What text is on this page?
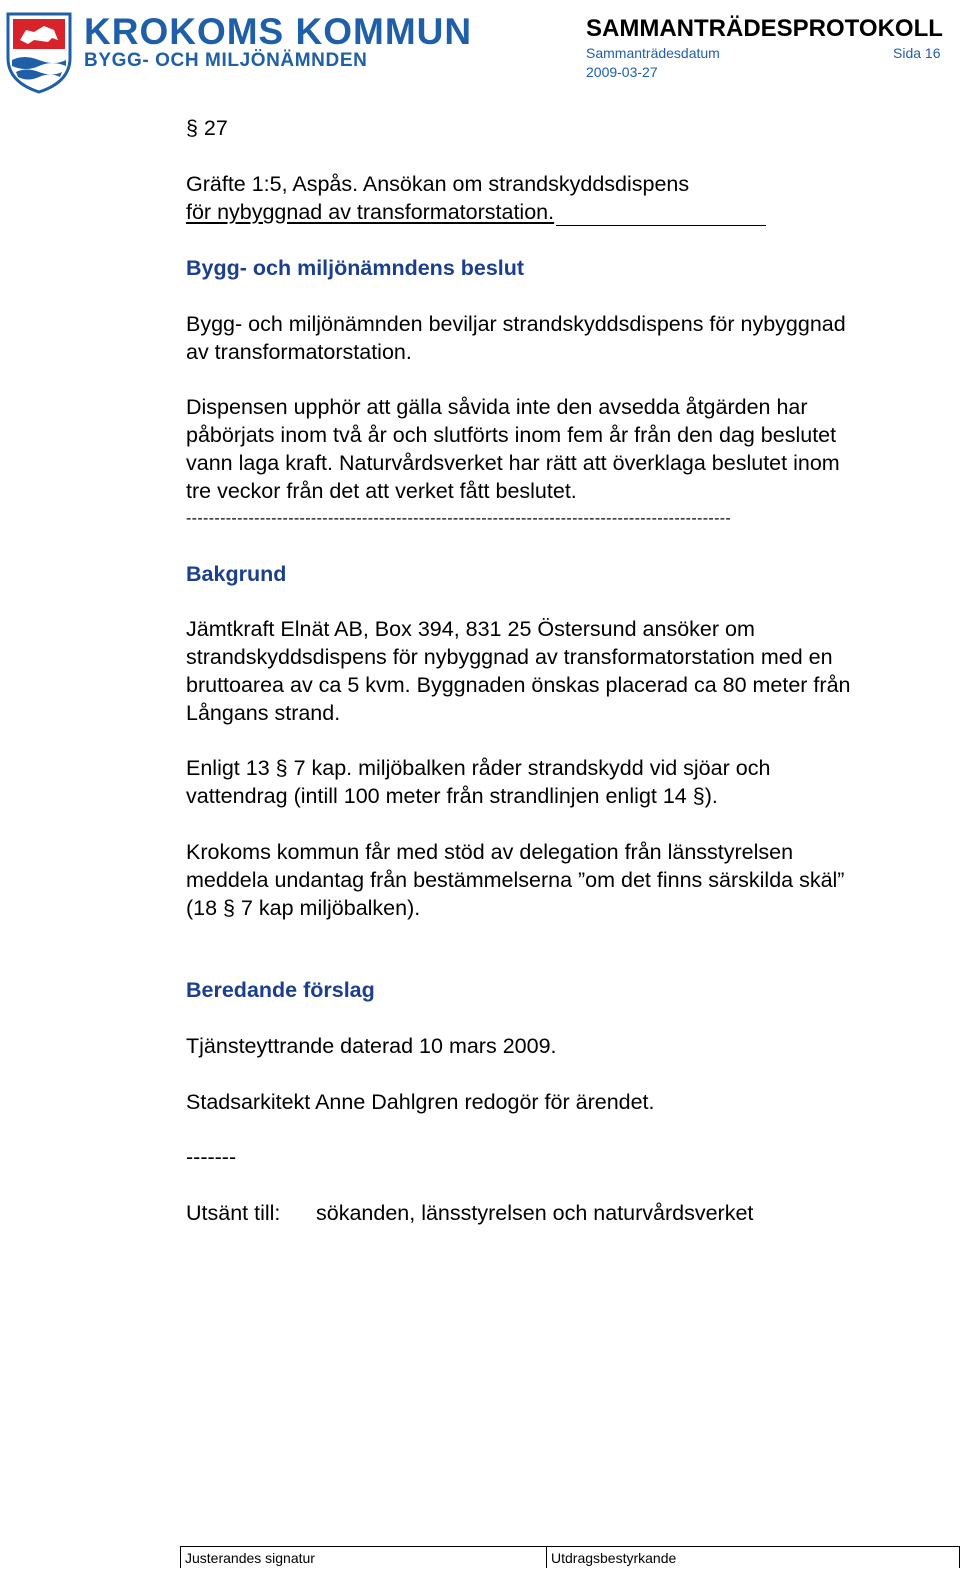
KROKOMS KOMMUN
BYGG- OCH MILJÖNÄMNDEN
SAMMANTRÄDESPROTOKOLL
Sammanträdesdatum	Sida 16
2009-03-27
§ 27
Gräfte 1:5, Aspås. Ansökan om strandskyddsdispens
för nybyggnad av transformatorstation.
Bygg- och miljönämndens beslut
Bygg- och miljönämnden beviljar strandskyddsdispens för nybyggnad
av transformatorstation.
Dispensen upphör att gälla såvida inte den avsedda åtgärden har
påbörjats inom två år och slutförts inom fem år från den dag beslutet
vann laga kraft. Naturvårdsverket har rätt att överklaga beslutet inom
tre veckor från det att verket fått beslutet.
------------------------------------------------------------------------------------------------
Bakgrund
Jämtkraft Elnät AB, Box 394, 831 25 Östersund ansöker om
strandskyddsdispens för nybyggnad av transformatorstation med en
bruttoarea av ca 5 kvm. Byggnaden önskas placerad ca 80 meter från
Långans strand.
Enligt 13 § 7 kap. miljöbalken råder strandskydd vid sjöar och
vattendrag (intill 100 meter från strandlinjen enligt 14 §).
Krokoms kommun får med stöd av delegation från länsstyrelsen
meddela undantag från bestämmelserna ”om det finns särskilda skäl”
(18 § 7 kap miljöbalken).
Beredande förslag
Tjänsteyttrande daterad 10 mars 2009.
Stadsarkitekt Anne Dahlgren redogör för ärendet.
-------
Utsänt till: sökanden, länsstyrelsen och naturvårdsverket
Justerandes signatur	Utdragsbestyrkande
